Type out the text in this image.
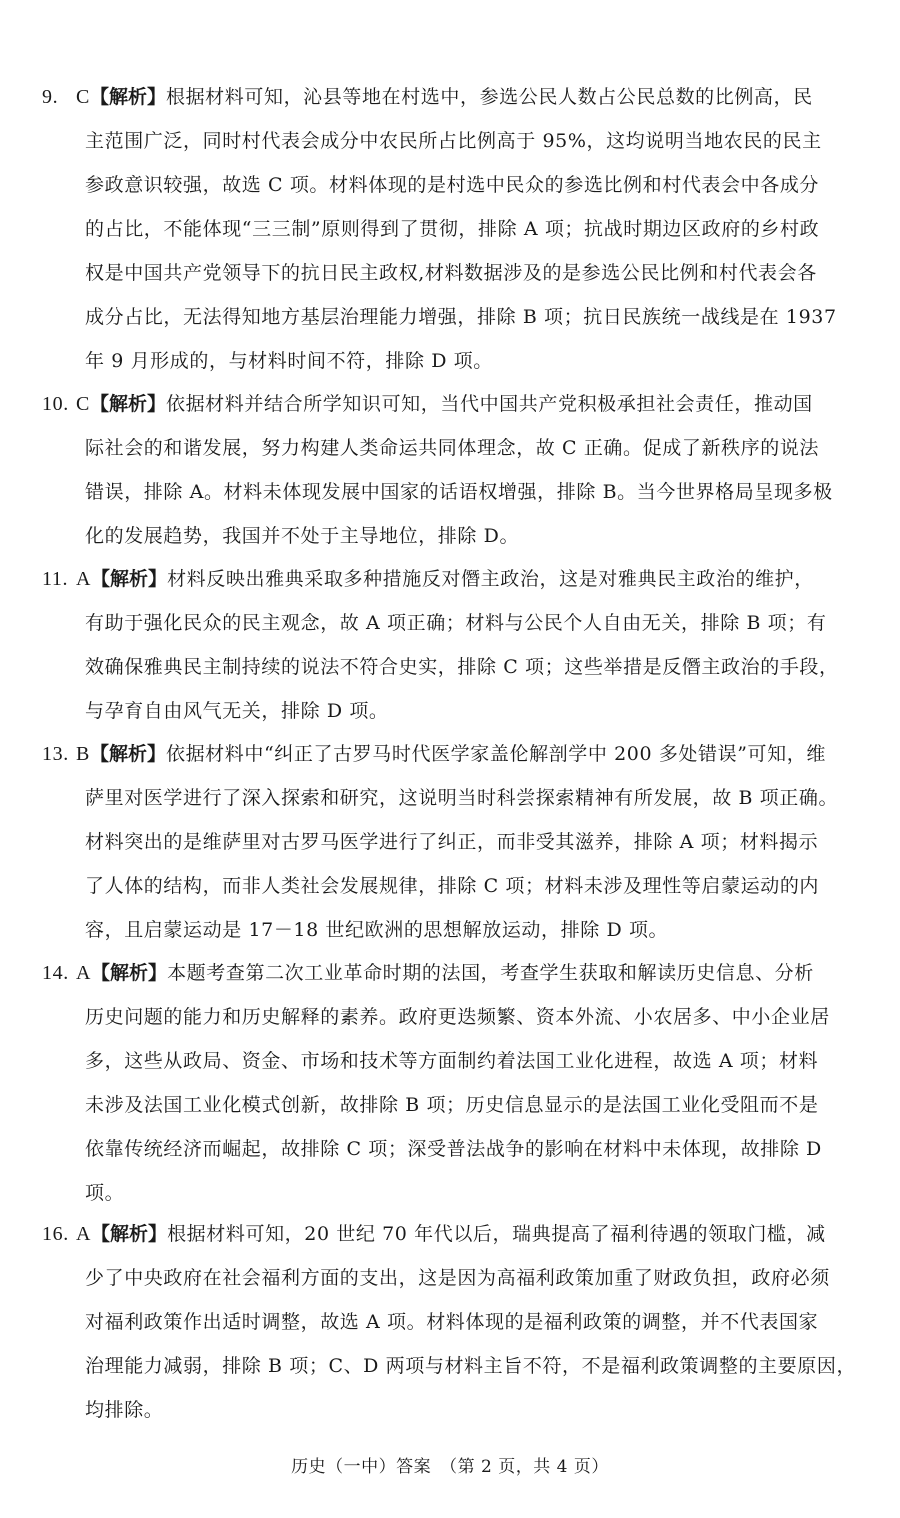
9. C【解析】根据材料可知，沁县等地在村选中，参选公民人数占公民总数的比例高，民
主范围广泛，同时村代表会成分中农民所占比例高于 95%，这均说明当地农民的民主
参政意识较强，故选 C 项。材料体现的是村选中民众的参选比例和村代表会中各成分
的占比，不能体现“三三制”原则得到了贯彻，排除 A 项；抗战时期边区政府的乡村政
权是中国共产党领导下的抗日民主政权,材料数据涉及的是参选公民比例和村代表会各
成分占比，无法得知地方基层治理能力增强，排除 B 项；抗日民族统一战线是在 1937
年 9 月形成的，与材料时间不符，排除 D 项。
10. C【解析】依据材料并结合所学知识可知，当代中国共产党积极承担社会责任，推动国
际社会的和谐发展，努力构建人类命运共同体理念，故 C 正确。促成了新秩序的说法
错误，排除 A。材料未体现发展中国家的话语权增强，排除 B。当今世界格局呈现多极
化的发展趋势，我国并不处于主导地位，排除 D。
11. A【解析】材料反映出雅典采取多种措施反对僭主政治，这是对雅典民主政治的维护，
有助于强化民众的民主观念，故 A 项正确；材料与公民个人自由无关，排除 B 项；有
效确保雅典民主制持续的说法不符合史实，排除 C 项；这些举措是反僭主政治的手段，
与孕育自由风气无关，排除 D 项。
13. B【解析】依据材料中“纠正了古罗马时代医学家盖伦解剖学中 200 多处错误”可知，维
萨里对医学进行了深入探索和研究，这说明当时科尝探索精神有所发展，故 B 项正确。
材料突出的是维萨里对古罗马医学进行了纠正，而非受其滋养，排除 A 项；材料揭示
了人体的结构，而非人类社会发展规律，排除 C 项；材料未涉及理性等启蒙运动的内
容，且启蒙运动是 17－18 世纪欧洲的思想解放运动，排除 D 项。
14. A【解析】本题考查第二次工业革命时期的法国，考查学生获取和解读历史信息、分析
历史问题的能力和历史解释的素养。政府更迭频繁、资本外流、小农居多、中小企业居
多，这些从政局、资金、市场和技术等方面制约着法国工业化进程，故选 A 项；材料
未涉及法国工业化模式创新，故排除 B 项；历史信息显示的是法国工业化受阻而不是
依靠传统经济而崛起，故排除 C 项；深受普法战争的影响在材料中未体现，故排除 D
项。
16. A【解析】根据材料可知，20 世纪 70 年代以后，瑞典提高了福利待遇的领取门槛，减
少了中央政府在社会福利方面的支出，这是因为高福利政策加重了财政负担，政府必须
对福利政策作出适时调整，故选 A 项。材料体现的是福利政策的调整，并不代表国家
治理能力减弱，排除 B 项；C、D 两项与材料主旨不符，不是福利政策调整的主要原因，
均排除。
历史（一中）答案　（第 2 页，共 4 页）
